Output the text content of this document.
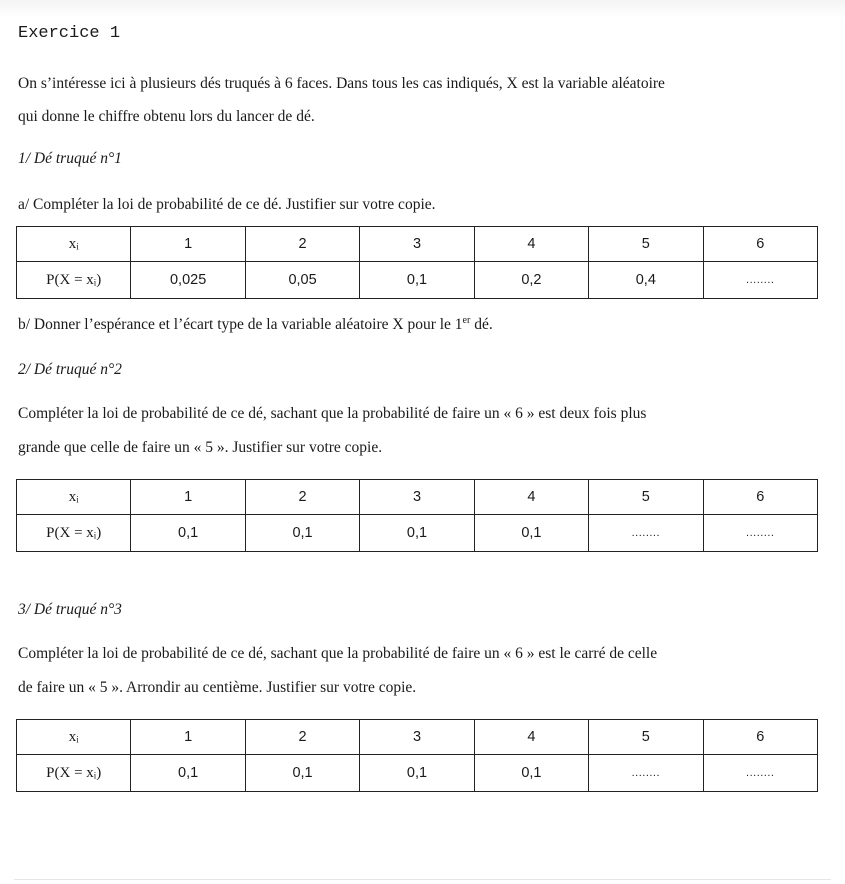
Exercice 1
On s’intéresse ici à plusieurs dés truqués à 6 faces. Dans tous les cas indiqués, X est la variable aléatoire
qui donne le chiffre obtenu lors du lancer de dé.
1/ Dé truqué n°1
a/ Compléter la loi de probabilité de ce dé. Justifier sur votre copie.
xᵢ	1	2	3	4	5	6
P(X = xᵢ)	0,025	0,05	0,1	0,2	0,4	........
b/ Donner l’espérance et l’écart type de la variable aléatoire X pour le 1er dé.
2/ Dé truqué n°2
Compléter la loi de probabilité de ce dé, sachant que la probabilité de faire un « 6 » est deux fois plus
grande que celle de faire un « 5 ». Justifier sur votre copie.
xᵢ	1	2	3	4	5	6
P(X = xᵢ)	0,1	0,1	0,1	0,1	........	........
3/ Dé truqué n°3
Compléter la loi de probabilité de ce dé, sachant que la probabilité de faire un « 6 » est le carré de celle
de faire un « 5 ». Arrondir au centième. Justifier sur votre copie.
xᵢ	1	2	3	4	5	6
P(X = xᵢ)	0,1	0,1	0,1	0,1	........	........
